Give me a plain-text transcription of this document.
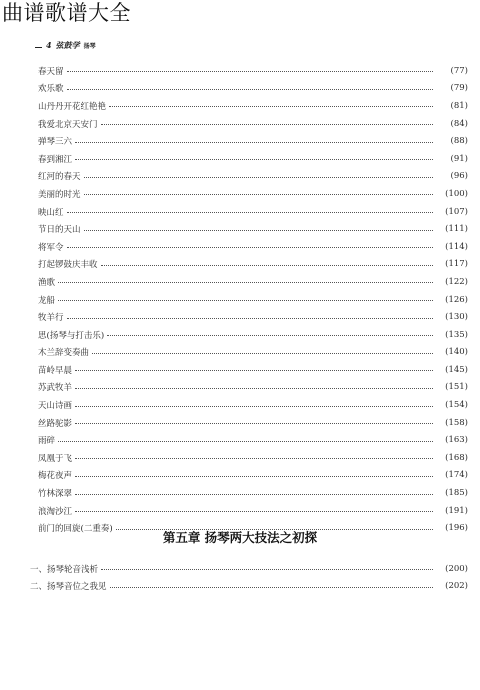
曲谱歌谱大全
4 弦鼓学 扬琴
春天留	(77)
欢乐歌	(79)
山丹丹开花红艳艳	(81)
我爱北京天安门	(84)
弹琴三六	(88)
春到湘江	(91)
红河的春天	(96)
美丽的时光	(100)
映山红	(107)
节日的天山	(111)
将军令	(114)
打起锣鼓庆丰收	(117)
渔歌	(122)
龙船	(126)
牧羊行	(130)
思(扬琴与打击乐)	(135)
木兰辞变奏曲	(140)
苗岭早晨	(145)
苏武牧羊	(151)
天山诗画	(154)
丝路驼影	(158)
雨碎	(163)
凤凰于飞	(168)
梅花夜声	(174)
竹林深翠	(185)
浪淘沙江	(191)
前门的回旋(二重奏)	(196)
第五章 扬琴两大技法之初探
一、扬琴轮音浅析	(200)
二、扬琴音位之我见	(202)
